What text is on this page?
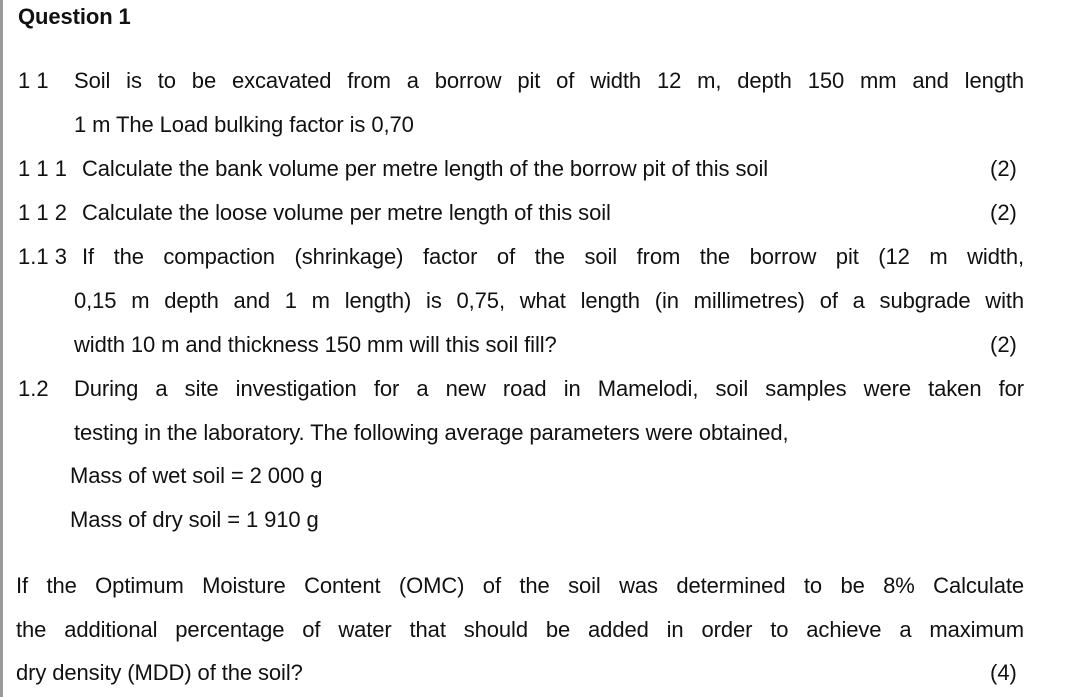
Question 1
1 1 Soil is to be excavated from a borrow pit of width 12 m, depth 150 mm and length
1 m The Load bulking factor is 0,70
1 1 1 Calculate the bank volume per metre length of the borrow pit of this soil	(2)
1 1 2 Calculate the loose volume per metre length of this soil	(2)
1.1 3 If the compaction (shrinkage) factor of the soil from the borrow pit (12 m width,
0,15 m depth and 1 m length) is 0,75, what length (in millimetres) of a subgrade with
width 10 m and thickness 150 mm will this soil fill?	(2)
1.2 During a site investigation for a new road in Mamelodi, soil samples were taken for
testing in the laboratory. The following average parameters were obtained,
Mass of wet soil = 2 000 g
Mass of dry soil = 1 910 g
If the Optimum Moisture Content (OMC) of the soil was determined to be 8% Calculate
the additional percentage of water that should be added in order to achieve a maximum
dry density (MDD) of the soil?	(4)
